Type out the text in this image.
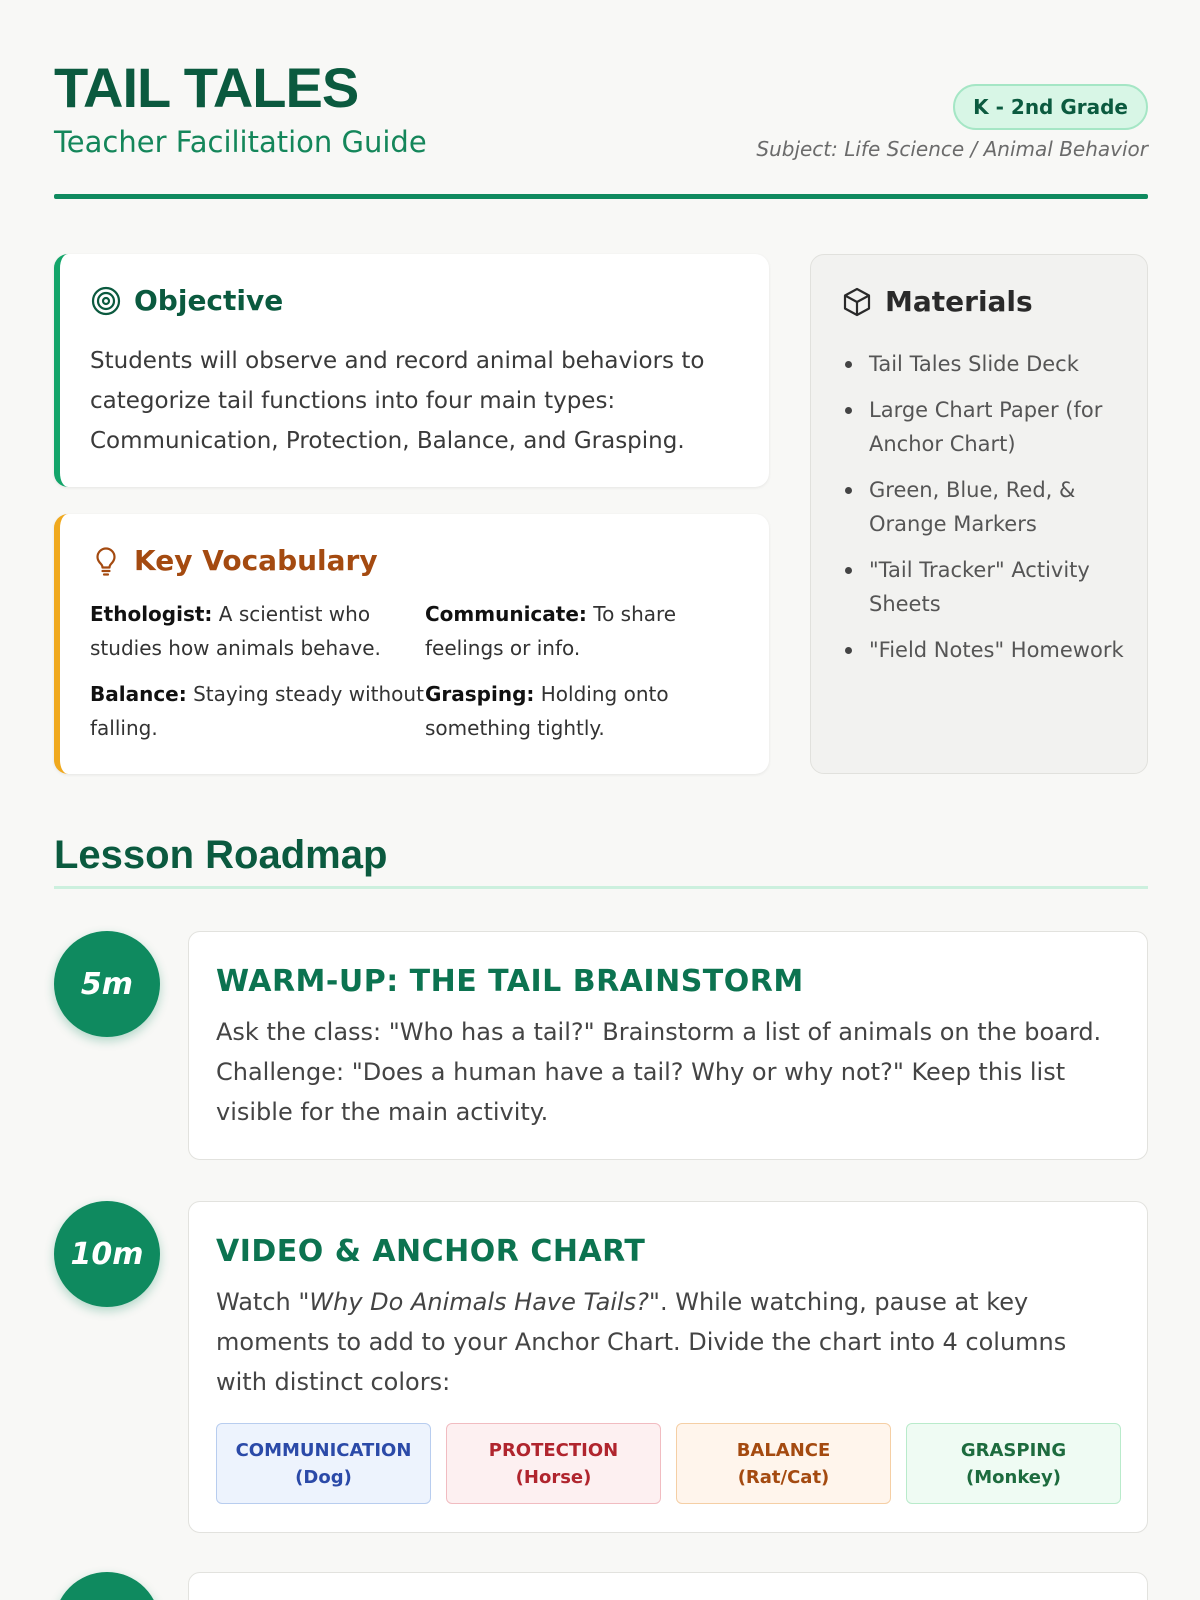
TAIL TALES
Teacher Facilitation Guide
K - 2nd Grade
Subject: Life Science / Animal Behavior
Objective
Students will observe and record animal behaviors to categorize tail functions into four main types: Communication, Protection, Balance, and Grasping.
Key Vocabulary
Ethologist: A scientist who studies how animals behave.
Communicate: To share feelings or info.
Balance: Staying steady without falling.
Grasping: Holding onto something tightly.
Materials
Tail Tales Slide Deck
Large Chart Paper (for Anchor Chart)
Green, Blue, Red, & Orange Markers
"Tail Tracker" Activity Sheets
"Field Notes" Homework
Lesson Roadmap
5m	WARM-UP: THE TAIL BRAINSTORM
Ask the class: "Who has a tail?" Brainstorm a list of animals on the board. Challenge: "Does a human have a tail? Why or why not?" Keep this list visible for the main activity.
10m	VIDEO & ANCHOR CHART
Watch "Why Do Animals Have Tails?". While watching, pause at key moments to add to your Anchor Chart. Divide the chart into 4 columns with distinct colors:
COMMUNICATION
(Dog)
PROTECTION
(Horse)
BALANCE
(Rat/Cat)
GRASPING
(Monkey)
